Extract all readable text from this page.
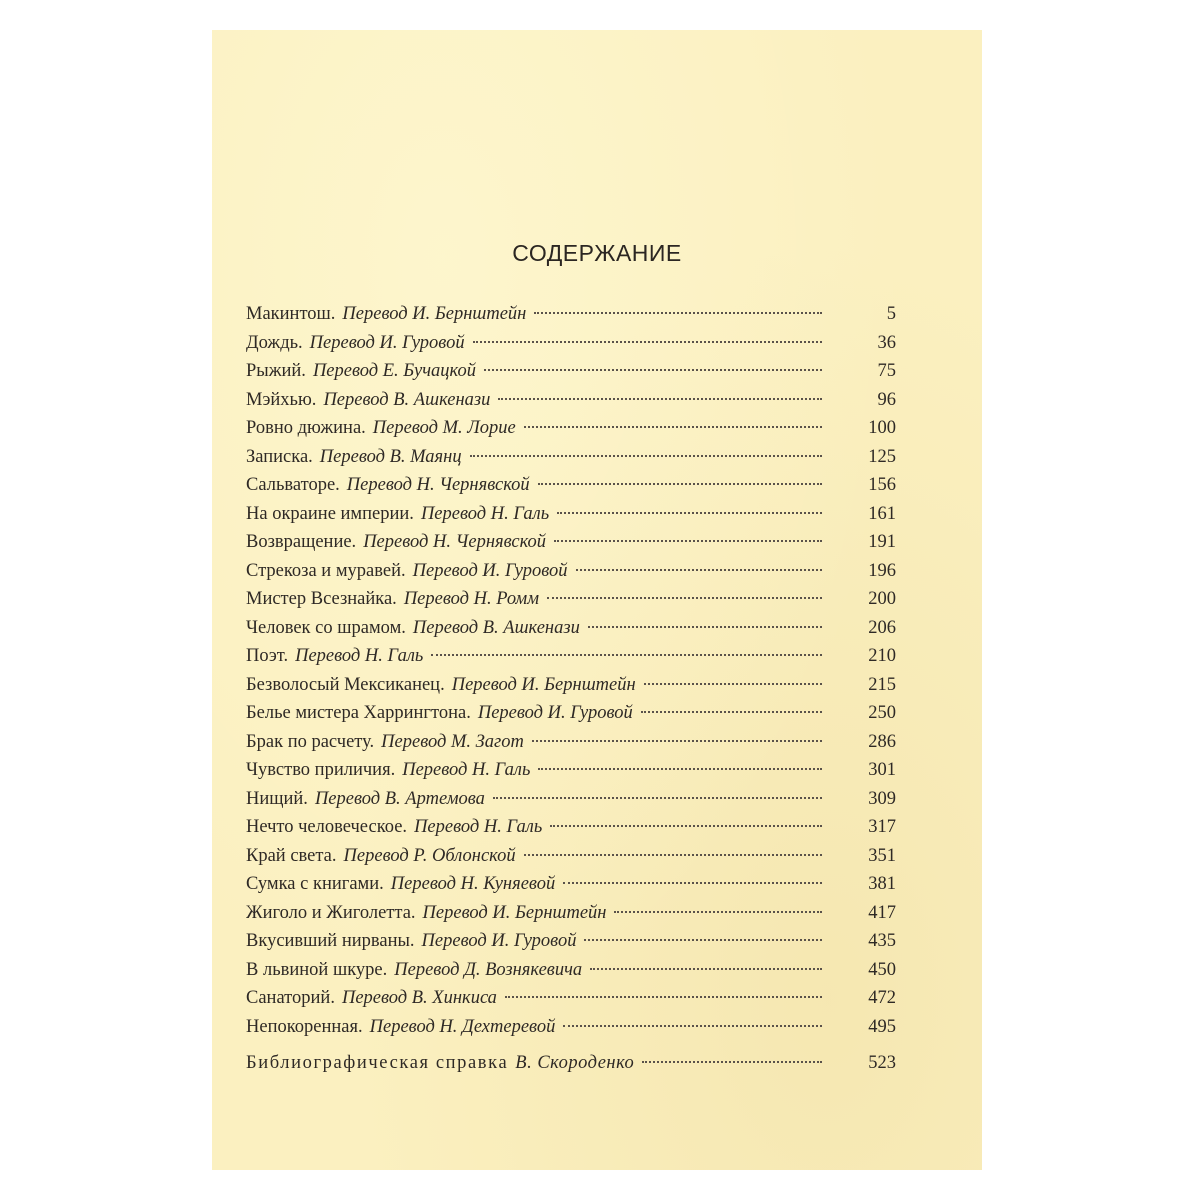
СОДЕРЖАНИЕ
Макинтош. Перевод И. Бернштейн	5
Дождь. Перевод И. Гуровой	36
Рыжий. Перевод Е. Бучацкой	75
Мэйхью. Перевод В. Ашкенази	96
Ровно дюжина. Перевод М. Лорие	100
Записка. Перевод В. Маянц	125
Сальваторе. Перевод Н. Чернявской	156
На окраине империи. Перевод Н. Галь	161
Возвращение. Перевод Н. Чернявской	191
Стрекоза и муравей. Перевод И. Гуровой	196
Мистер Всезнайка. Перевод Н. Ромм	200
Человек со шрамом. Перевод В. Ашкенази	206
Поэт. Перевод Н. Галь	210
Безволосый Мексиканец. Перевод И. Бернштейн	215
Белье мистера Харрингтона. Перевод И. Гуровой	250
Брак по расчету. Перевод М. Загот	286
Чувство приличия. Перевод Н. Галь	301
Нищий. Перевод В. Артемова	309
Нечто человеческое. Перевод Н. Галь	317
Край света. Перевод Р. Облонской	351
Сумка с книгами. Перевод Н. Куняевой	381
Жиголо и Жиголетта. Перевод И. Бернштейн	417
Вкусивший нирваны. Перевод И. Гуровой	435
В львиной шкуре. Перевод Д. Вознякевича	450
Санаторий. Перевод В. Хинкиса	472
Непокоренная. Перевод Н. Дехтеревой	495
Библиографическая справка В. Скороденко	523
